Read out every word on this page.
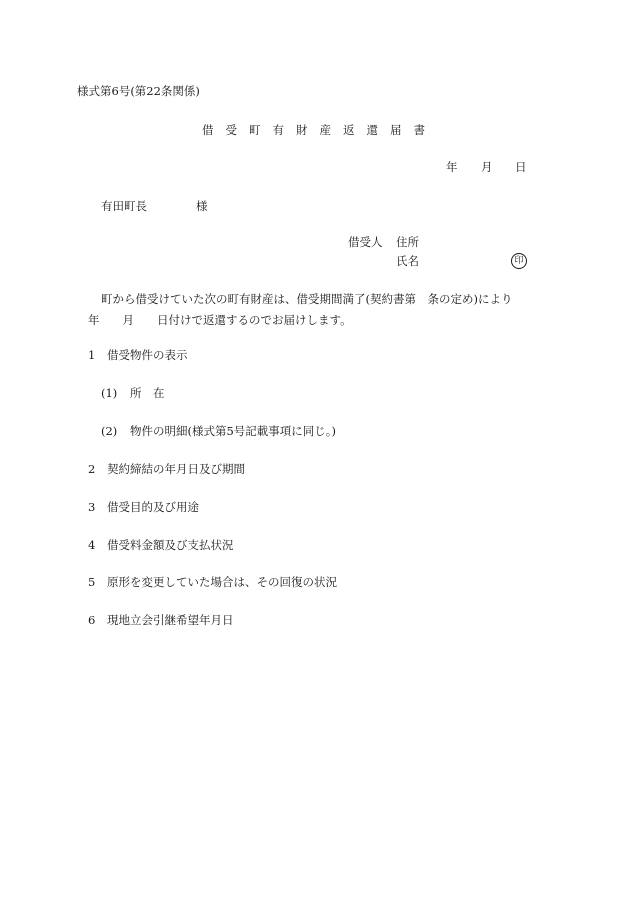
様式第6号(第22条関係)
借受町有財産返還届書
年 月 日
有田町長	様
借受人 住所
氏名	印
町から借受けていた次の町有財産は、借受期間満了(契約書第　条の定め)により
年　　月　　日付けで返還するのでお届けします。
1 借受物件の表示
(1) 所　在
(2) 物件の明細(様式第5号記載事項に同じ。)
2 契約締結の年月日及び期間
3 借受目的及び用途
4 借受料金額及び支払状況
5 原形を変更していた場合は、その回復の状況
6 現地立会引継希望年月日
